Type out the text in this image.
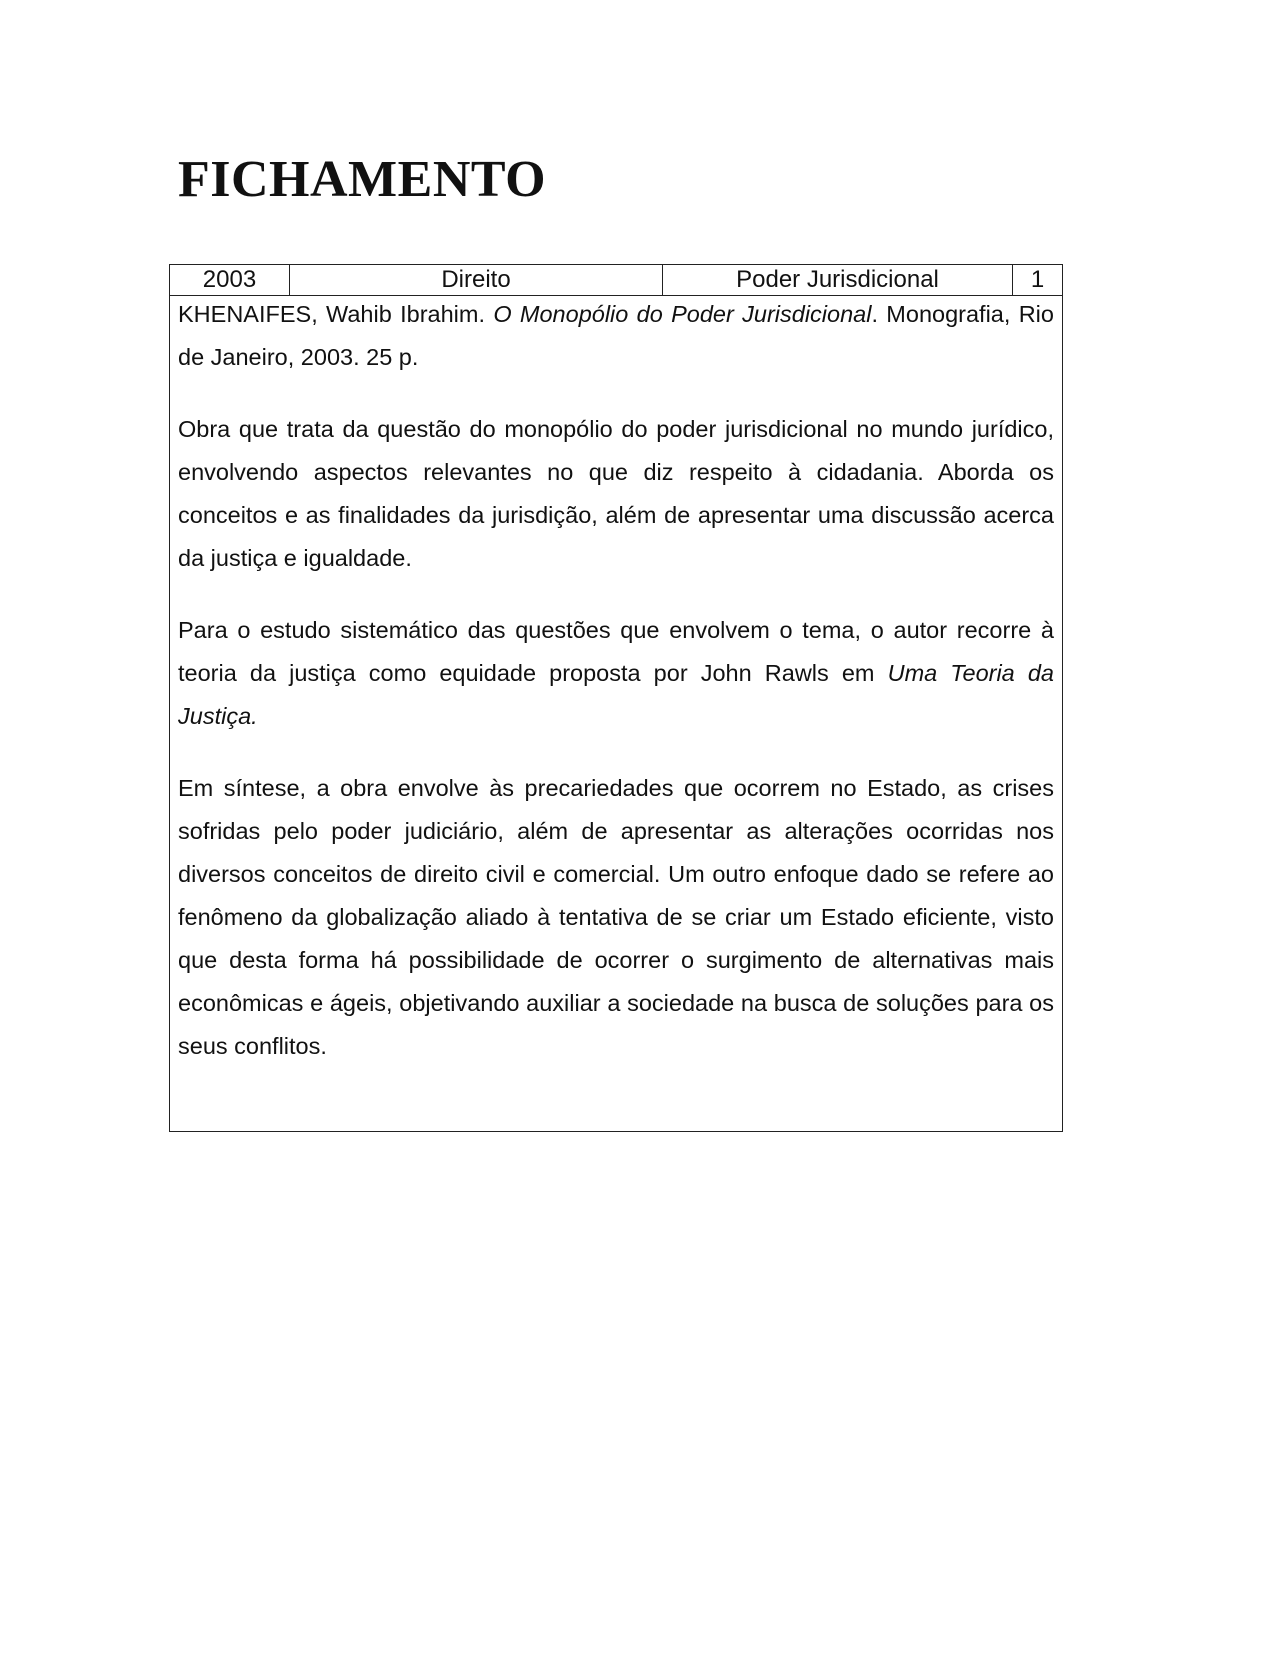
FICHAMENTO
2003	Direito	Poder Jurisdicional	1

KHENAIFES, Wahib Ibrahim. O Monopólio do Poder Jurisdicional. Monografia, Rio de Janeiro, 2003. 25 p.

Obra que trata da questão do monopólio do poder jurisdicional no mundo jurídico, envolvendo aspectos relevantes no que diz respeito à cidadania. Aborda os conceitos e as finalidades da jurisdição, além de apresentar uma discussão acerca da justiça e igualdade.

Para o estudo sistemático das questões que envolvem o tema, o autor recorre à teoria da justiça como equidade proposta por John Rawls em Uma Teoria da Justiça.

Em síntese, a obra envolve às precariedades que ocorrem no Estado, as crises sofridas pelo poder judiciário, além de apresentar as alterações ocorridas nos diversos conceitos de direito civil e comercial. Um outro enfoque dado se refere ao fenômeno da globalização aliado à tentativa de se criar um Estado eficiente, visto que desta forma há possibilidade de ocorrer o surgimento de alternativas mais econômicas e ágeis, objetivando auxiliar a sociedade na busca de soluções para os seus conflitos.
